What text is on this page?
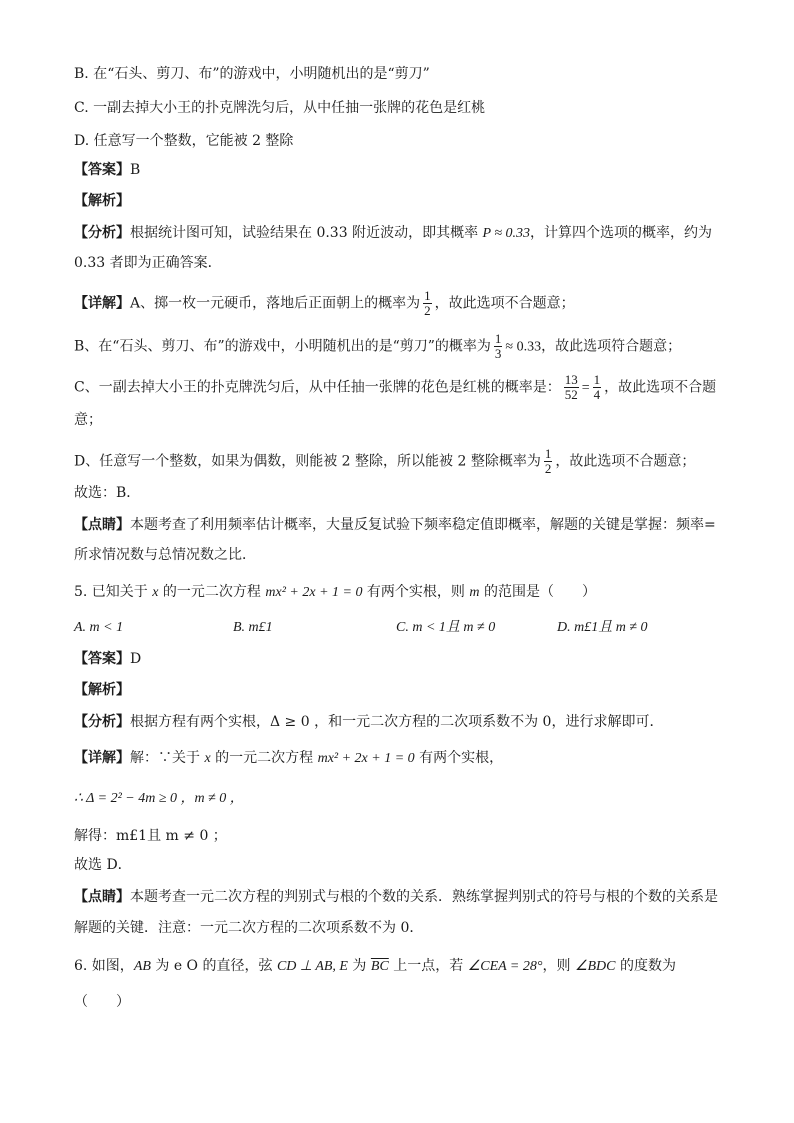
B. 在“石头、剪刀、布”的游戏中，小明随机出的是“剪刀”
C. 一副去掉大小王的扑克牌洗匀后，从中任抽一张牌的花色是红桃
D. 任意写一个整数，它能被 2 整除
【答案】B
【解析】
【分析】根据统计图可知，试验结果在 0.33 附近波动，即其概率 P ≈ 0.33，计算四个选项的概率，约为
0.33 者即为正确答案．
【详解】A、掷一枚一元硬币，落地后正面朝上的概率为 $\frac{1}{2}$ ，故此选项不合题意；
B、在“石头、剪刀、布”的游戏中，小明随机出的是“剪刀”的概率为 $\frac{1}{3} \approx 0.33$，故此选项符合题意；
C、一副去掉大小王的扑克牌洗匀后，从中任抽一张牌的花色是红桃的概率是： $\frac{13}{52} = \frac{1}{4}$ ，故此选项不合题
意；
D、任意写一个整数，如果为偶数，则能被 2 整除，所以能被 2 整除概率为 $\frac{1}{2}$ ，故此选项不合题意；
故选：B．
【点睛】本题考查了利用频率估计概率，大量反复试验下频率稳定值即概率，解题的关键是掌握：频率=
所求情况数与总情况数之比．
5. 已知关于 x 的一元二次方程 mx² + 2x + 1 = 0 有两个实根，则 m 的范围是（　　）
A. m < 1	B. m£1	C. m < 1且 m ≠ 0	D. m£1且 m ≠ 0
【答案】D
【解析】
【分析】根据方程有两个实根，Δ ≥ 0 ，和一元二次方程的二次项系数不为 0，进行求解即可．
【详解】解：∵关于 x 的一元二次方程 mx² + 2x + 1 = 0 有两个实根，
∴ Δ = 2² − 4m ≥ 0 ，m ≠ 0 ，
解得：m£1且 m ≠ 0 ；
故选 D．
【点睛】本题考查一元二次方程的判别式与根的个数的关系．熟练掌握判别式的符号与根的个数的关系是
解题的关键．注意：一元二次方程的二次项系数不为 0．
6. 如图，AB 为 e O 的直径，弦 CD ⊥ AB, E 为 $\overline{BC}$ 上一点，若 ∠CEA = 28°，则 ∠BDC 的度数为
（　　）
